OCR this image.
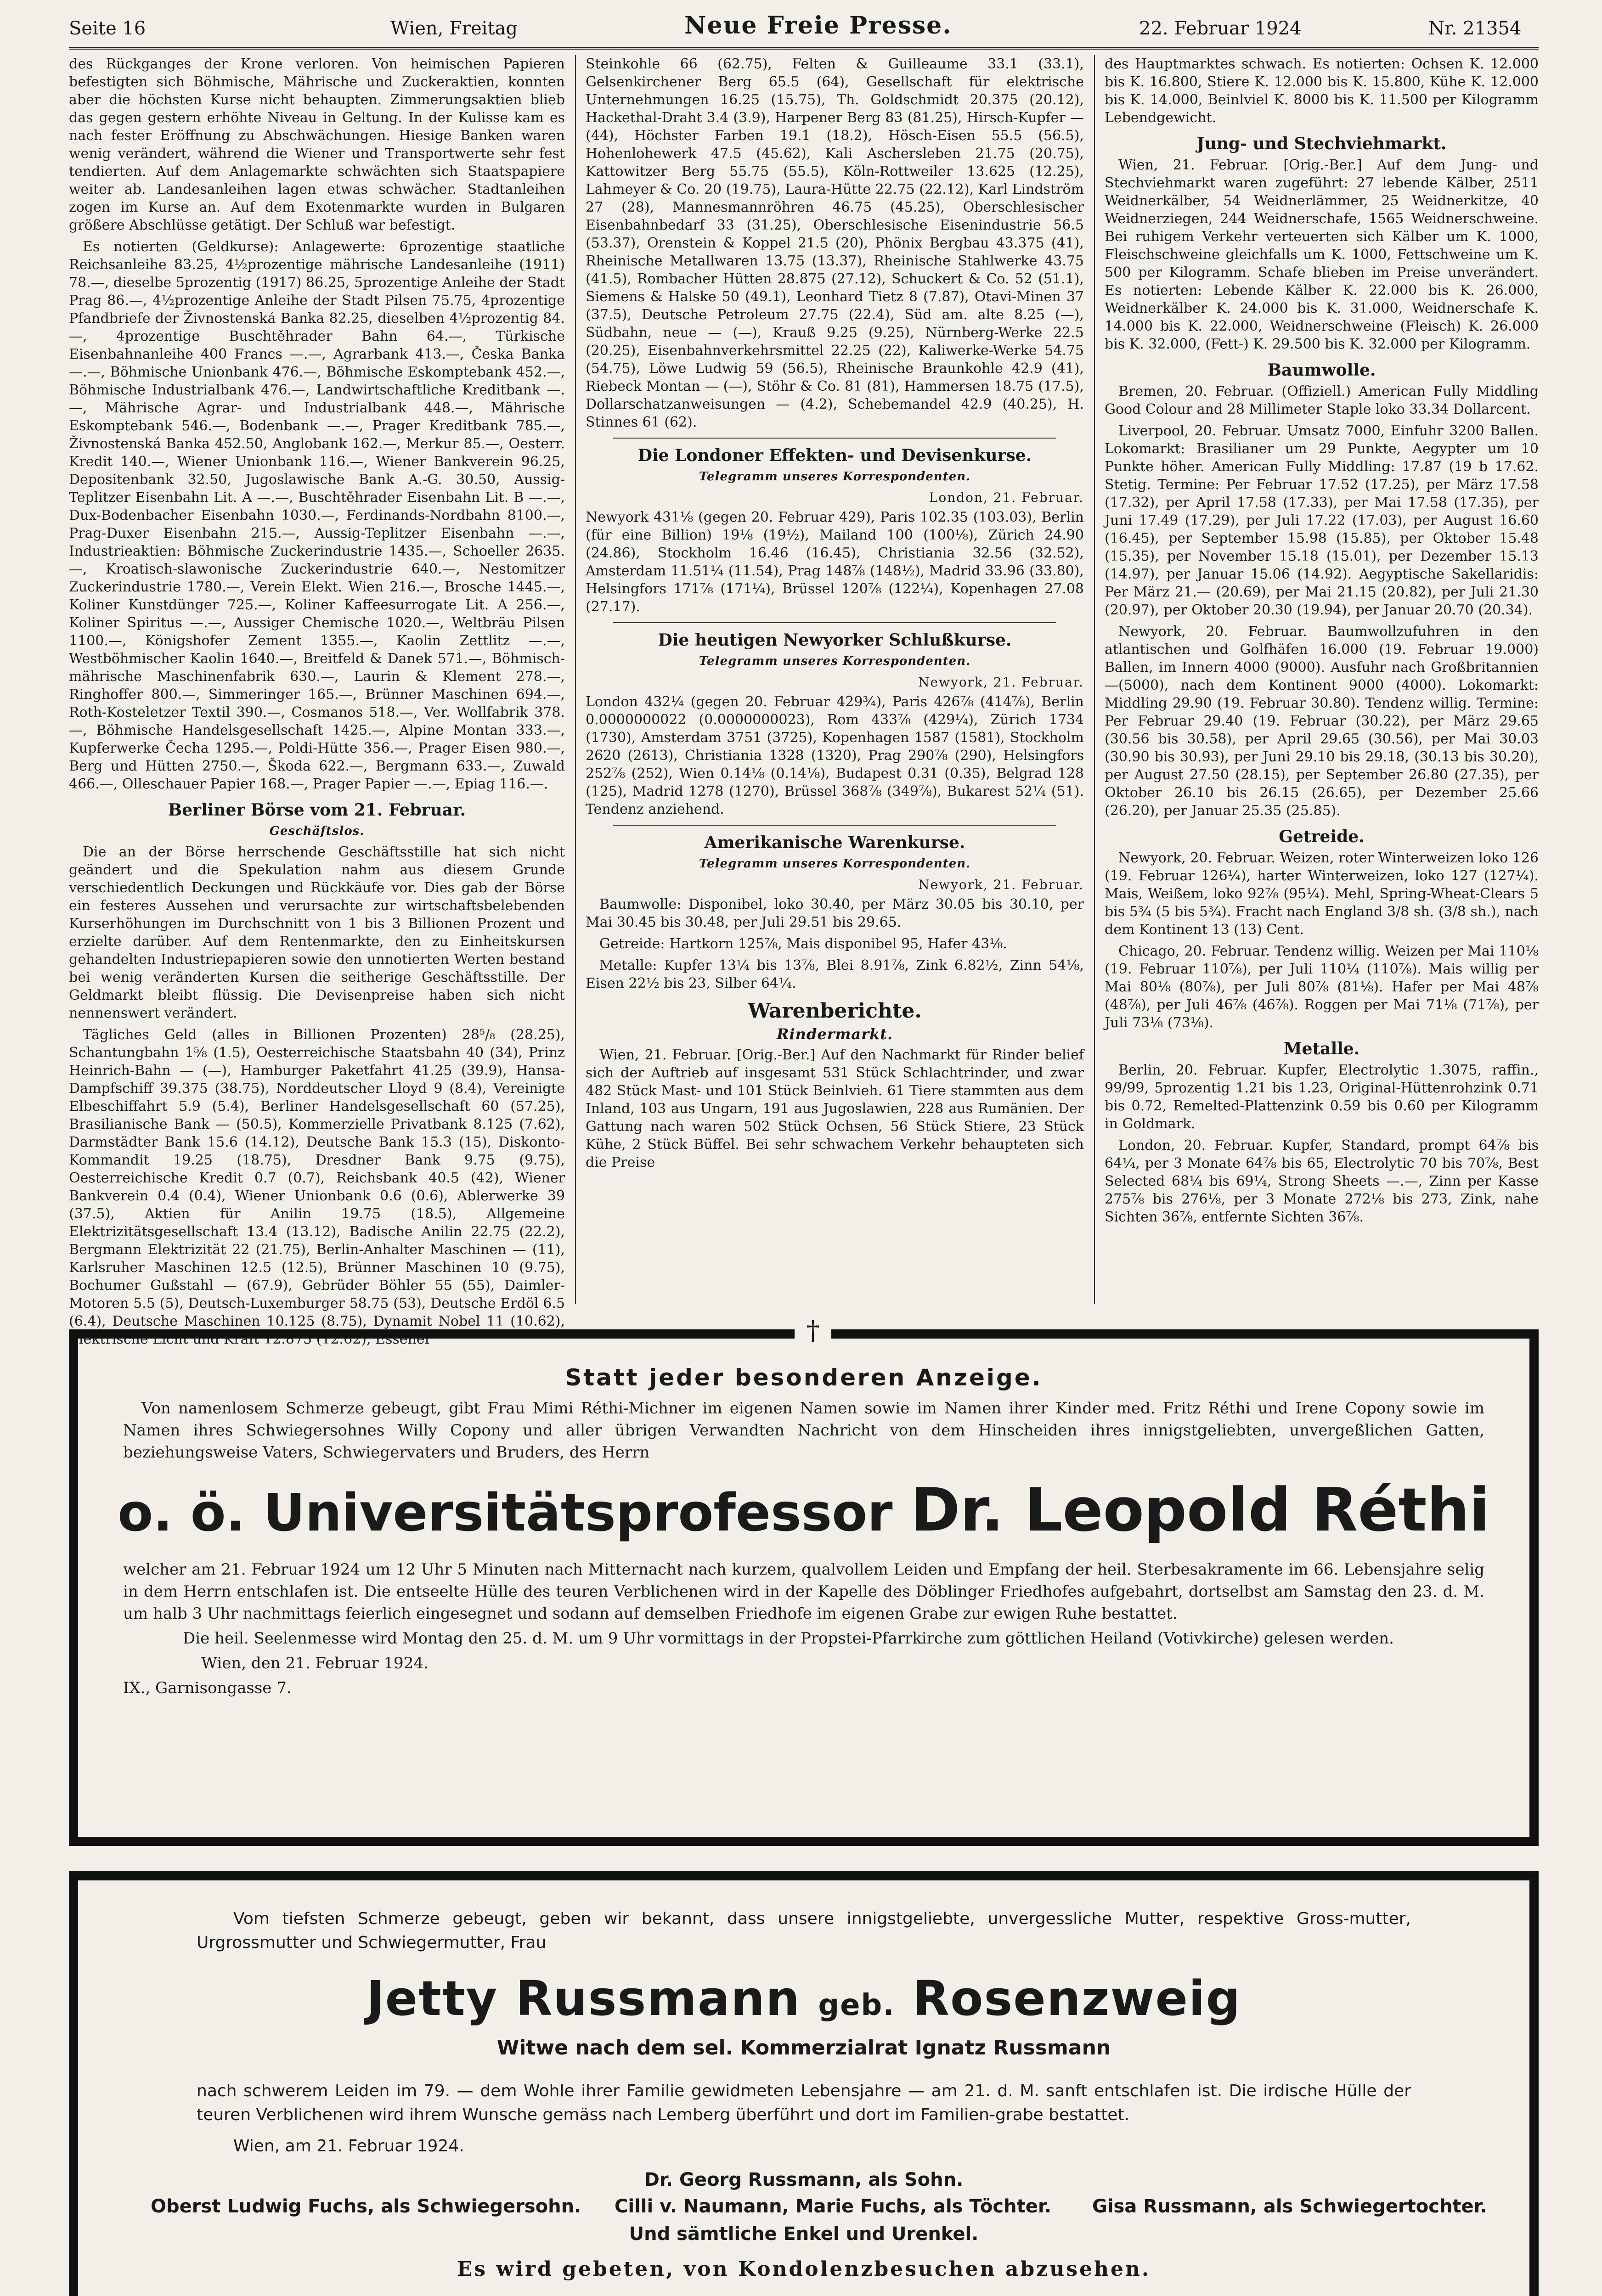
Seite 16	Wien, Freitag	Neue Freie Presse.	22. Februar 1924	Nr. 21354

des Rückganges der Krone verloren. Von heimischen Papieren befestigten sich Böhmische, Mährische und Zuckeraktien, konnten aber die höchsten Kurse nicht behaupten. Zimmerungsaktien blieb das gegen gestern erhöhte Niveau in Geltung. In der Kulisse kam es nach fester Eröffnung zu Abschwächungen. Hiesige Banken waren wenig verändert, während die Wiener und Transportwerte sehr fest tendierten. Auf dem Anlagemarkte schwächten sich Staatspapiere weiter ab. Landesanleihen lagen etwas schwächer. Stadtanleihen zogen im Kurse an. Auf dem Exotenmarkte wurden in Bulgaren größere Abschlüsse getätigt. Der Schluß war befestigt.

Es notierten (Geldkurse): Anlagewerte: 6prozentige staatliche Reichsanleihe 83.25, 4½prozentige mährische Landesanleihe (1911) 78.—, dieselbe 5prozentig (1917) 86.25, 5prozentige Anleihe der Stadt Prag 86.—, 4½prozentige Anleihe der Stadt Pilsen 75.75, 4prozentige Pfandbriefe der Živnostenská Banka 82.25, dieselben 4½prozentig 84.—, 4prozentige Buschtěhrader Bahn 64.—, Türkische Eisenbahnanleihe 400 Francs —.—, Agrarbank 413.—, Česka Banka —.—, Böhmische Unionbank 476.—, Böhmische Eskomptebank 452.—, Böhmische Industrialbank 476.—, Landwirtschaftliche Kreditbank —.—, Mährische Agrar- und Industrialbank 448.—, Mährische Eskomptebank 546.—, Bodenbank —.—, Prager Kreditbank 785.—, Živnostenská Banka 452.50, Anglobank 162.—, Merkur 85.—, Oesterr. Kredit 140.—, Wiener Unionbank 116.—, Wiener Bankverein 96.25, Depositenbank 32.50, Jugoslawische Bank A.-G. 30.50, Aussig-Teplitzer Eisenbahn Lit. A —.—, Buschtěhrader Eisenbahn Lit. B —.—, Dux-Bodenbacher Eisenbahn 1030.—, Ferdinands-Nordbahn 8100.—, Prag-Duxer Eisenbahn 215.—, Aussig-Teplitzer Eisenbahn —.—, Industrieaktien: Böhmische Zuckerindustrie 1435.—, Schoeller 2635.—, Kroatisch-slawonische Zuckerindustrie 640.—, Nestomitzer Zuckerindustrie 1780.—, Verein Elekt. Wien 216.—, Brosche 1445.—, Koliner Kunstdünger 725.—, Koliner Kaffeesurrogate Lit. A 256.—, Koliner Spiritus —.—, Aussiger Chemische 1020.—, Weltbräu Pilsen 1100.—, Königshofer Zement 1355.—, Kaolin Zettlitz —.—, Westböhmischer Kaolin 1640.—, Breitfeld & Danek 571.—, Böhmisch-mährische Maschinenfabrik 630.—, Laurin & Klement 278.—, Ringhoffer 800.—, Simmeringer 165.—, Brünner Maschinen 694.—, Roth-Kosteletzer Textil 390.—, Cosmanos 518.—, Ver. Wollfabrik 378.—, Böhmische Handelsgesellschaft 1425.—, Alpine Montan 333.—, Kupferwerke Čecha 1295.—, Poldi-Hütte 356.—, Prager Eisen 980.—, Berg und Hütten 2750.—, Škoda 622.—, Bergmann 633.—, Zuwald 466.—, Olleschauer Papier 168.—, Prager Papier —.—, Epiag 116.—.

Berliner Börse vom 21. Februar.
Geschäftslos.

Die an der Börse herrschende Geschäftsstille hat sich nicht geändert und die Spekulation nahm aus diesem Grunde verschiedentlich Deckungen und Rückkäufe vor. Dies gab der Börse ein festeres Aussehen und verursachte zur wirtschaftsbelebenden Kurserhöhungen im Durchschnitt von 1 bis 3 Billionen Prozent und erzielte darüber. Auf dem Rentenmarkte, den zu Einheitskursen gehandelten Industriepapieren sowie den unnotierten Werten bestand bei wenig veränderten Kursen die seitherige Geschäftsstille. Der Geldmarkt bleibt flüssig. Die Devisenpreise haben sich nicht nennenswert verändert.

Tägliches Geld (alles in Billionen Prozenten) 28⁵/₈ (28.25), Schantungbahn 1⅝ (1.5), Oesterreichische Staatsbahn 40 (34), Prinz Heinrich-Bahn — (—), Hamburger Paketfahrt 41.25 (39.9), Hansa-Dampfschiff 39.375 (38.75), Norddeutscher Lloyd 9 (8.4), Vereinigte Elbeschiffahrt 5.9 (5.4), Berliner Handelsgesellschaft 60 (57.25), Brasilianische Bank — (50.5), Kommerzielle Privatbank 8.125 (7.62), Darmstädter Bank 15.6 (14.12), Deutsche Bank 15.3 (15), Diskonto-Kommandit 19.25 (18.75), Dresdner Bank 9.75 (9.75), Oesterreichische Kredit 0.7 (0.7), Reichsbank 40.5 (42), Wiener Bankverein 0.4 (0.4), Wiener Unionbank 0.6 (0.6), Ablerwerke 39 (37.5), Aktien für Anilin 19.75 (18.5), Allgemeine Elektrizitätsgesellschaft 13.4 (13.12), Badische Anilin 22.75 (22.2), Bergmann Elektrizität 22 (21.75), Berlin-Anhalter Maschinen — (11), Karlsruher Maschinen 12.5 (12.5), Brünner Maschinen 10 (9.75), Bochumer Gußstahl — (67.9), Gebrüder Böhler 55 (55), Daimler-Motoren 5.5 (5), Deutsch-Luxemburger 58.75 (53), Deutsche Erdöl 6.5 (6.4), Deutsche Maschinen 10.125 (8.75), Dynamit Nobel 11 (10.62), Elektrische Licht und Kraft 12.875 (12.62), Essener

Steinkohle 66 (62.75), Felten & Guilleaume 33.1 (33.1), Gelsenkirchener Berg 65.5 (64), Gesellschaft für elektrische Unternehmungen 16.25 (15.75), Th. Goldschmidt 20.375 (20.12), Hackethal-Draht 3.4 (3.9), Harpener Berg 83 (81.25), Hirsch-Kupfer — (44), Höchster Farben 19.1 (18.2), Hösch-Eisen 55.5 (56.5), Hohenlohewerk 47.5 (45.62), Kali Aschersleben 21.75 (20.75), Kattowitzer Berg 55.75 (55.5), Köln-Rottweiler 13.625 (12.25), Lahmeyer & Co. 20 (19.75), Laura-Hütte 22.75 (22.12), Karl Lindström 27 (28), Mannesmannröhren 46.75 (45.25), Oberschlesischer Eisenbahnbedarf 33 (31.25), Oberschlesische Eisenindustrie 56.5 (53.37), Orenstein & Koppel 21.5 (20), Phönix Bergbau 43.375 (41), Rheinische Metallwaren 13.75 (13.37), Rheinische Stahlwerke 43.75 (41.5), Rombacher Hütten 28.875 (27.12), Schuckert & Co. 52 (51.1), Siemens & Halske 50 (49.1), Leonhard Tietz 8 (7.87), Otavi-Minen 37 (37.5), Deutsche Petroleum 27.75 (22.4), Süd am. alte 8.25 (—), Südbahn, neue — (—), Krauß 9.25 (9.25), Nürnberg-Werke 22.5 (20.25), Eisenbahnverkehrsmittel 22.25 (22), Kaliwerke-Werke 54.75 (54.75), Löwe Ludwig 59 (56.5), Rheinische Braunkohle 42.9 (41), Riebeck Montan — (—), Stöhr & Co. 81 (81), Hammersen 18.75 (17.5), Dollarschatzanweisungen — (4.2), Schebemandel 42.9 (40.25), H. Stinnes 61 (62).

Die Londoner Effekten- und Devisenkurse.
Telegramm unseres Korrespondenten.
London, 21. Februar.

Newyork 431⅛ (gegen 20. Februar 429), Paris 102.35 (103.03), Berlin (für eine Billion) 19⅛ (19½), Mailand 100 (100⅛), Zürich 24.90 (24.86), Stockholm 16.46 (16.45), Christiania 32.56 (32.52), Amsterdam 11.51¼ (11.54), Prag 148⅞ (148½), Madrid 33.96 (33.80), Helsingfors 171⅞ (171¼), Brüssel 120⅞ (122¼), Kopenhagen 27.08 (27.17).

Die heutigen Newyorker Schlußkurse.
Telegramm unseres Korrespondenten.
Newyork, 21. Februar.

London 432¼ (gegen 20. Februar 429¾), Paris 426⅞ (414⅞), Berlin 0.0000000022 (0.0000000023), Rom 433⅞ (429¼), Zürich 1734 (1730), Amsterdam 3751 (3725), Kopenhagen 1587 (1581), Stockholm 2620 (2613), Christiania 1328 (1320), Prag 290⅞ (290), Helsingfors 252⅞ (252), Wien 0.14⅛ (0.14⅛), Budapest 0.31 (0.35), Belgrad 128 (125), Madrid 1278 (1270), Brüssel 368⅞ (349⅞), Bukarest 52¼ (51). Tendenz anziehend.

Amerikanische Warenkurse.
Telegramm unseres Korrespondenten.
Newyork, 21. Februar.

Baumwolle: Disponibel, loko 30.40, per März 30.05 bis 30.10, per Mai 30.45 bis 30.48, per Juli 29.51 bis 29.65.

Getreide: Hartkorn 125⅞, Mais disponibel 95, Hafer 43⅛.

Metalle: Kupfer 13¼ bis 13⅞, Blei 8.91⅞, Zink 6.82½, Zinn 54⅛, Eisen 22½ bis 23, Silber 64¼.

Warenberichte.
Rindermarkt.

Wien, 21. Februar. [Orig.-Ber.] Auf den Nachmarkt für Rinder belief sich der Auftrieb auf insgesamt 531 Stück Schlachtrinder, und zwar 482 Stück Mast- und 101 Stück Beinlvieh. 61 Tiere stammten aus dem Inland, 103 aus Ungarn, 191 aus Jugoslawien, 228 aus Rumänien. Der Gattung nach waren 502 Stück Ochsen, 56 Stück Stiere, 23 Stück Kühe, 2 Stück Büffel. Bei sehr schwachem Verkehr behaupteten sich die Preise

des Hauptmarktes schwach. Es notierten: Ochsen K. 12.000 bis K. 16.800, Stiere K. 12.000 bis K. 15.800, Kühe K. 12.000 bis K. 14.000, Beinlviel K. 8000 bis K. 11.500 per Kilogramm Lebendgewicht.

Jung- und Stechviehmarkt.

Wien, 21. Februar. [Orig.-Ber.] Auf dem Jung- und Stechviehmarkt waren zugeführt: 27 lebende Kälber, 2511 Weidnerkälber, 54 Weidnerlämmer, 25 Weidnerkitze, 40 Weidnerziegen, 244 Weidnerschafe, 1565 Weidnerschweine. Bei ruhigem Verkehr verteuerten sich Kälber um K. 1000, Fleischschweine gleichfalls um K. 1000, Fettschweine um K. 500 per Kilogramm. Schafe blieben im Preise unverändert. Es notierten: Lebende Kälber K. 22.000 bis K. 26.000, Weidnerkälber K. 24.000 bis K. 31.000, Weidnerschafe K. 14.000 bis K. 22.000, Weidnerschweine (Fleisch) K. 26.000 bis K. 32.000, (Fett-) K. 29.500 bis K. 32.000 per Kilogramm.

Baumwolle.

Bremen, 20. Februar. (Offiziell.) American Fully Middling Good Colour and 28 Millimeter Staple loko 33.34 Dollarcent.

Liverpool, 20. Februar. Umsatz 7000, Einfuhr 3200 Ballen. Lokomarkt: Brasilianer um 29 Punkte, Aegypter um 10 Punkte höher. American Fully Middling: 17.87 (19 b 17.62. Stetig. Termine: Per Februar 17.52 (17.25), per März 17.58 (17.32), per April 17.58 (17.33), per Mai 17.58 (17.35), per Juni 17.49 (17.29), per Juli 17.22 (17.03), per August 16.60 (16.45), per September 15.98 (15.85), per Oktober 15.48 (15.35), per November 15.18 (15.01), per Dezember 15.13 (14.97), per Januar 15.06 (14.92). Aegyptische Sakellaridis: Per März 21.— (20.69), per Mai 21.15 (20.82), per Juli 21.30 (20.97), per Oktober 20.30 (19.94), per Januar 20.70 (20.34).

Newyork, 20. Februar. Baumwollzufuhren in den atlantischen und Golfhäfen 16.000 (19. Februar 19.000) Ballen, im Innern 4000 (9000). Ausfuhr nach Großbritannien —(5000), nach dem Kontinent 9000 (4000). Lokomarkt: Middling 29.90 (19. Februar 30.80). Tendenz willig. Termine: Per Februar 29.40 (19. Februar (30.22), per März 29.65 (30.56 bis 30.58), per April 29.65 (30.56), per Mai 30.03 (30.90 bis 30.93), per Juni 29.10 bis 29.18, (30.13 bis 30.20), per August 27.50 (28.15), per September 26.80 (27.35), per Oktober 26.10 bis 26.15 (26.65), per Dezember 25.66 (26.20), per Januar 25.35 (25.85).

Getreide.

Newyork, 20. Februar. Weizen, roter Winterweizen loko 126 (19. Februar 126¼), harter Winterweizen, loko 127 (127¼). Mais, Weißem, loko 92⅞ (95¼). Mehl, Spring-Wheat-Clears 5 bis 5¾ (5 bis 5¾). Fracht nach England 3/8 sh. (3/8 sh.), nach dem Kontinent 13 (13) Cent.

Chicago, 20. Februar. Tendenz willig. Weizen per Mai 110⅛ (19. Februar 110⅞), per Juli 110¼ (110⅞). Mais willig per Mai 80⅛ (80⅞), per Juli 80⅞ (81⅛). Hafer per Mai 48⅞ (48⅞), per Juli 46⅞ (46⅞). Roggen per Mai 71⅛ (71⅞), per Juli 73⅛ (73⅛).

Metalle.

Berlin, 20. Februar. Kupfer, Electrolytic 1.3075, raffin., 99/99, 5prozentig 1.21 bis 1.23, Original-Hüttenrohzink 0.71 bis 0.72, Remelted-Plattenzink 0.59 bis 0.60 per Kilogramm in Goldmark.

London, 20. Februar. Kupfer, Standard, prompt 64⅞ bis 64¼, per 3 Monate 64⅞ bis 65, Electrolytic 70 bis 70⅞, Best Selected 68¼ bis 69¼, Strong Sheets —.—, Zinn per Kasse 275⅞ bis 276⅛, per 3 Monate 272⅛ bis 273, Zink, nahe Sichten 36⅞, entfernte Sichten 36⅞.

†
Statt jeder besonderen Anzeige.
Von namenlosem Schmerze gebeugt, gibt Frau Mimi Réthi-Michner im eigenen Namen sowie im Namen ihrer Kinder med. Fritz Réthi und Irene Copony sowie im Namen ihres Schwiegersohnes Willy Copony und aller übrigen Verwandten Nachricht von dem Hinscheiden ihres innigstgeliebten, unvergeßlichen Gatten, beziehungsweise Vaters, Schwiegervaters und Bruders, des Herrn
o. ö. Universitätsprofessor Dr. Leopold Réthi
welcher am 21. Februar 1924 um 12 Uhr 5 Minuten nach Mitternacht nach kurzem, qualvollem Leiden und Empfang der heil. Sterbesakramente im 66. Lebensjahre selig in dem Herrn entschlafen ist. Die entseelte Hülle des teuren Verblichenen wird in der Kapelle des Döblinger Friedhofes aufgebahrt, dortselbst am Samstag den 23. d. M. um halb 3 Uhr nachmittags feierlich eingesegnet und sodann auf demselben Friedhofe im eigenen Grabe zur ewigen Ruhe bestattet.
Die heil. Seelenmesse wird Montag den 25. d. M. um 9 Uhr vormittags in der Propstei-Pfarrkirche zum göttlichen Heiland (Votivkirche) gelesen werden.
Wien, den 21. Februar 1924.
IX., Garnisongasse 7.
Vom tiefsten Schmerze gebeugt, geben wir bekannt, dass unsere innigstgeliebte, unvergessliche Mutter, respektive Gross-mutter, Urgrossmutter und Schwiegermutter, Frau
Jetty Russmann geb. Rosenzweig
Witwe nach dem sel. Kommerzialrat Ignatz Russmann
nach schwerem Leiden im 79. — dem Wohle ihrer Familie gewidmeten Lebensjahre — am 21. d. M. sanft entschlafen ist. Die irdische Hülle der teuren Verblichenen wird ihrem Wunsche gemäss nach Lemberg überführt und dort im Familien-grabe bestattet.
Wien, am 21. Februar 1924.
Dr. Georg Russmann, als Sohn.
Oberst Ludwig Fuchs, als Schwiegersohn. Cilli v. Naumann, Marie Fuchs, als Töchter. Gisa Russmann, als Schwiegertochter.
Und sämtliche Enkel und Urenkel.
Es wird gebeten, von Kondolenzbesuchen abzusehen.
